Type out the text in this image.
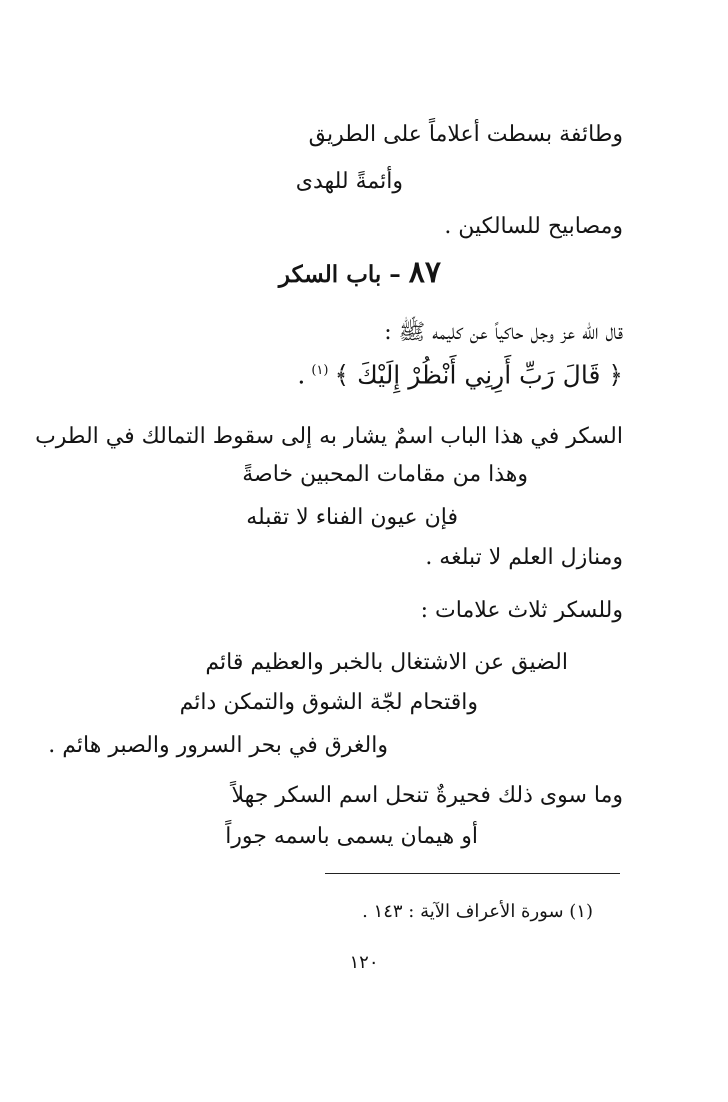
وطائفة بسطت أعلاماً على الطريق
وأئمةً للهدى
ومصابيح للسالكين .
٨٧– باب السكر
قال الله عز وجل حاكياً عن كليمه ﷺ :
﴿ قَالَ رَبِّ أَرِنِي أَنْظُرْ إِلَيْكَ ﴾$^{(١)}$.
السكر في هذا الباب اسمٌ يشار به إلى سقوط التمالك في الطرب
وهذا من مقامات المحبين خاصةً
فإن عيون الفناء لا تقبله
ومنازل العلم لا تبلغه .
وللسكر ثلاث علامات :
الضيق عن الاشتغال بالخبر والعظيم قائم
واقتحام لجّة الشوق والتمكن دائم
والغرق في بحر السرور والصبر هائم .
وما سوى ذلك فحيرةٌ تنحل اسم السكر جهلاً
أو هيمان يسمى باسمه جوراً
(١) سورة الأعراف الآية : ١٤٣ .
١٢٠
